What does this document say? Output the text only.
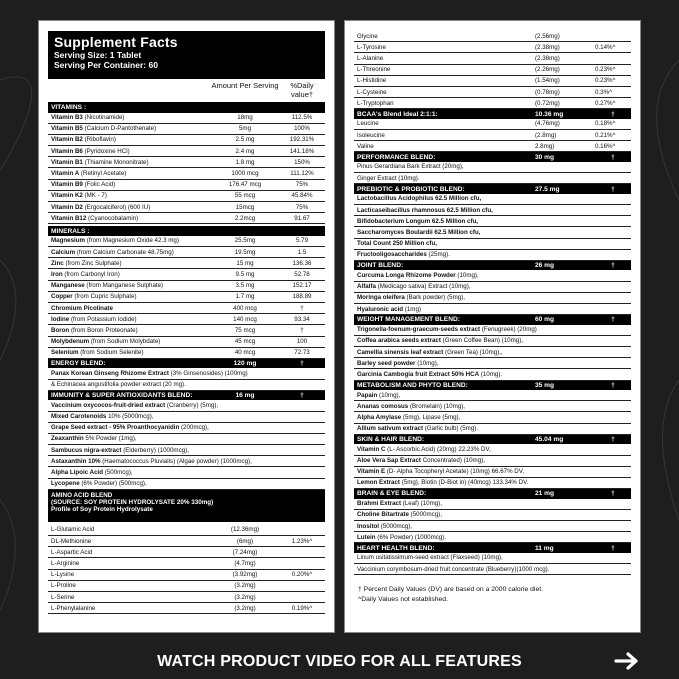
Supplement Facts
Serving Size: 1 Tablet
Serving Per Container: 60
Amount Per Serving	%Daily value†
VITAMINS :
Vitamin B3 (Nicotinamide)	18mg	112.5%
Vitamin B5 (Calcium D-Pantothenate)	5mg	100%
Vitamin B2 (Riboflavin)	2.5 mg	192.31%
Vitamin B6 (Pyridoxine HCl)	2.4 mg	141.18%
Vitamin B1 (Thiamine Mononitrate)	1.8 mg	150%
Vitamin A (Retinyl Acetate)	1000 mcg	111.12%
Vitamin B9 (Folic Acid)	176.47 mcg	75%
Vitamin K2 (MK - 7)	55 mcg	45.84%
Vitamin D2 (Ergocalciferol) (600 IU)	15mcg	75%
Vitamin B12 (Cyanocobalamin)	2.2mcg	91.67
MINERALS :
Magnesium (from Magnesium Oxide 42.3 mg)	25.5mg	5.79
Calcium (from Calcium Carbonate 48.75mg)	19.5mg	1.5
Zinc (from Zinc Sulphate)	15 mg	136.36
Iron (from Carbonyl Iron)	9.5 mg	52.78
Manganese (from Manganese Sulphate)	3.5 mg	152.17
Copper (from Cupric Sulphate)	1.7 mg	188.89
Chromium Picolinate	400 mcg	†
Iodine (from Potassium Iodide)	140 mcg	93.34
Boron (from Boron Proteonate)	75 mcg	†
Molybdenum (from Sodium Molybdate)	45 mcg	100
Selenium (from Sodium Selenite)	40 mcg	72.73
ENERGY BLEND:	120 mg	†
Panax Korean Ginseng Rhizome Extract (3% Ginsenosides) (100mg)
& Echinacea angustifolia powder extract (20 mg).
IMMUNITY & SUPER ANTIOXIDANTS BLEND:	16 mg	†
Vaccinium oxycocos-fruit-dried extract (Cranberry) (5mg),
Mixed Carotenoids 10% (5000mcg),
Grape Seed extract - 95% Proanthocyanidin (200mcg),
Zeaxanthin 5% Powder (1mg),
Sambucus nigra-extract (Elderberry) (1000mcg),
Astaxanthin 10% (Haematococcus Pluvialis) (Algae powder) (1000mcg),
Alpha Lipoic Acid (500mcg),
Lycopene (6% Powder) (500mcg),
AMINO ACID BLEND
(SOURCE: SOY PROTEIN HYDROLYSATE 20% 330mg)
Profile of Soy Protein Hydrolysate
L-Glutamic Acid	(12.36mg)
DL-Methionine	(6mg)	1.23%^
L-Aspartic Acid	(7.24mg)
L-Arginine	(4.7mg)
L-Lysine	(3.92mg)	0.20%^
L-Proline	(3.2mg)
L-Serine	(3.2mg)
L-Phenylalanine	(3.2mg)	0.19%^
Glycine	(2.56mg)
L-Tyrosine	(2.38mg)	0.14%^
L-Alanine	(2.38mg)
L-Threonine	(2.26mg)	0.23%^
L-Histidine	(1.54mg)	0.23%^
L-Cysteine	(0.78mg)	0.3%^
L-Tryptophan	(0.72mg)	0.27%^
BCAA's Blend Ideal 2:1:1:	10.36 mg	†
Leucine	(4.76mg)	0.18%^
Isoleucine	(2.8mg)	0.21%^
Valine	2.8mg)	0.16%^
PERFORMANCE BLEND:	30 mg	†
Pinus Gerardiana Bark Extract (20mg),
Ginger Extract (10mg).
PREBIOTIC & PROBIOTIC BLEND:	27.5 mg	†
Lactobacillus Acidophilus 62.5 Million cfu,
Lacticaseibacillus rhamnosus 62.5 Million cfu,
Bifidobacterium Longum 62.5 Million cfu,
Saccharomyces Boulardii 62.5 Million cfu,
Total Count 250 Million cfu,
Fructooligosaccharides (25mg).
JOINT BLEND:	26 mg	†
Curcuma Longa Rhizome Powder (10mg),
Alfalfa (Medicago sativa) Extract (10mg),
Moringa oleifera (Bark powder) (5mg),
Hyaluronic acid (1mg)
WEIGHT MANAGEMENT BLEND:	60 mg	†
Trigonella-foenum-graecum-seeds extract (Fenugreek) (20mg)
Coffea arabica seeds extract (Green Coffee Bean) (10mg),
Camellia sinensis leaf extract (Green Tea) (10mg),,
Barley seed powder (10mg),
Garcinia Cambogia fruit Extract 50% HCA (10mg).
METABOLISM AND PHYTO BLEND:	35 mg	†
Papain (10mg),
Ananas comosus (Bromelain) (10mg),
Alpha Amylase (5mg), Lipase (5mg),
Allium sativum extract (Garlic bulb) (5mg).
SKIN & HAIR BLEND:	45.04 mg	†
Vitamin C (L- Ascorbic Acid) (20mg) 22.23% DV,
Aloe Vera Sap Extract Concentrated) (10mg),
Vitamin E (D- Alpha Tocopheryl Acetate) (10mg) 66.67% DV,
Lemon Extract (5mg), Biotin (D-Biot in) (40mcg) 133.34% DV.
BRAIN & EYE BLEND:	21 mg	†
Brahmi Extract (Leaf) (10mg),
Choline Bitartrate (5000mcg),
Inositol (5000mcg),
Lutein (6% Powder) (1000mcg).
HEART HEALTH BLEND:	11 mg	†
Linum usitatissimum-seed extract (Flaxseed) (10mg),
Vaccinium corymbosum-dried fruit concentrate (Blueberry)(1000 mcg).
† Percent Daily Values (DV) are based on a 2000 calorie diet.
^Daily Values not established.
WATCH PRODUCT VIDEO FOR ALL FEATURES
